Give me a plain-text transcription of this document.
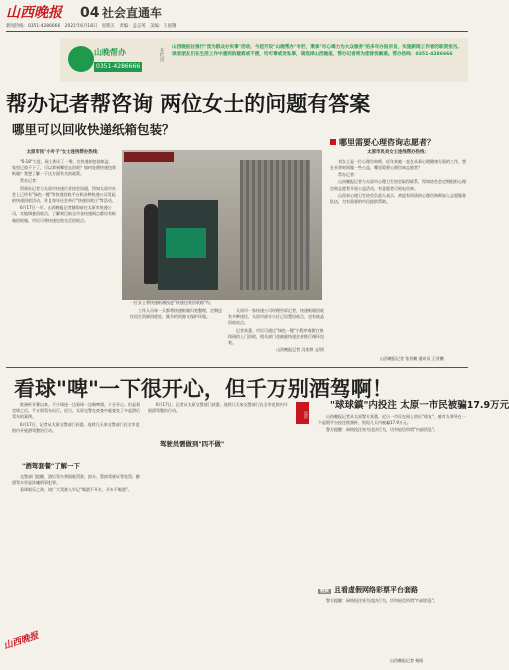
山西晚报 04 社会直通车
新闻热线：0351-4286666　2021年6月18日　星期五　责编：孟志英　美编：王国翔
山晚帮办
0351-4286666
开栏语
山西晚报社推行"我为群众办实事"活动，今起开设"山晚帮办"专栏，秉承"尽心竭力为大众服务"的多年办报宗旨，实施新闻工作者的职责担当。读者朋友们在生活工作中遇到的疑难或不便，均可事或发私事，请选择山西晚报，帮办记者将为您排忧解难。帮办热线：0351-4286666
帮办记者帮咨询 两位女士的问题有答案
哪里可以回收快递纸箱包装？
哪里需要心理咨询志愿者？
太原市民"小叶子"女士连线帮办热线：

"6·18"大促，网上购买了一堆，在快递的包装纸盒，家里已放不下了，可以拿到哪里去回收？如何处理快递包装纸箱？我想了解一下这方面有关的政策。

帮办记者：

得到办记者与太原市快递行业协会沟通，得知太原市社会上已经有"绿色一键"等快递回收平台和各种快递公司发起的快递回收活动，并且每年还会举行"快递回收日"等活动。

6月17日一早，山西晚报记者随即前往太原市快递公司，实地调查回收点，了解到目前全市各快递网点都设有纸箱回收箱，市民可将快递包装交至回收点。

一位女士将快递纸箱投进"快递包装回收箱"内。

工作人员每一天都将快递纸箱归类整理，定期送往再生资源回收处，既节约资源又保护环境。

太原市一家快递公司经理告诉记者，快递纸箱回收有多种途径，太原市部分小区已设置回收点，也有废品回收站点。

记者获悉，市民可通过"绿色一键"小程序或拨打热线预约上门回收，相关部门也鼓励快递企业推行循环包装。

山西晚报记者 冯奕婷 文/图

太原市民刘女士连线帮办热线：

刘女士是一位心理咨询师，近年来她一直在从事心理健康方面的工作，想在业余时间做一些公益，哪里需要心理咨询志愿者？

帮办记者：

山西晚报记者与太原市心理卫生协会取得联系，得知协会会定期组织心理咨询志愿者开展公益活动，有意愿者可致电咨询。

山西省心理卫生协会负责人表示，欢迎有资质的心理咨询师加入志愿服务队伍，为有需要的市民提供帮助。

山西晚报记者 张晋鹏 通讯员 王晋鹏
看球"啤"一下很开心，但千万别酒驾啊！

欧洲杯开赛以来，不少球迷一边看球一边喝啤酒，十分开心。但是看完球之后，千万别驾车出行。近日，太原交警在夜查中就查处了多起酒后驾车的案例。

6月17日，记者从太原交警部门获悉，连续几天来交警部门在全市范围内开展酒驾整治行动。

"酒驾套餐"了解一下

交警部门提醒，酒后驾车将面临罚款、扣分、暂扣驾驶证等处罚，醉酒驾车更是涉嫌刑事犯罪。

看球娱乐之余，请广大驾驶人牢记"喝酒不开车，开车不喝酒"。

驾驶员需做到"四不做"

6月17日，记者从太原交警部门获悉，连续几天来交警部门在全市范围内开展酒驾整治行动。	反诈
"球球鎮"内投注 太原一市民被骗17.9万元

山西晚报记者从太原警方获悉，近日一市民在网上结识"球友"，被对方诱导在一个虚假平台投注欧洲杯，短短几天内被骗17.9万元。

警方提醒：网络投注皆为违法行为，切勿轻信所谓"内部消息"。

链接 且看虚假网络彩票平台套路

警方提醒：网络投注皆为违法行为，切勿轻信所谓"内部消息"。

山西晚报记者 杨阳
山西晚报
